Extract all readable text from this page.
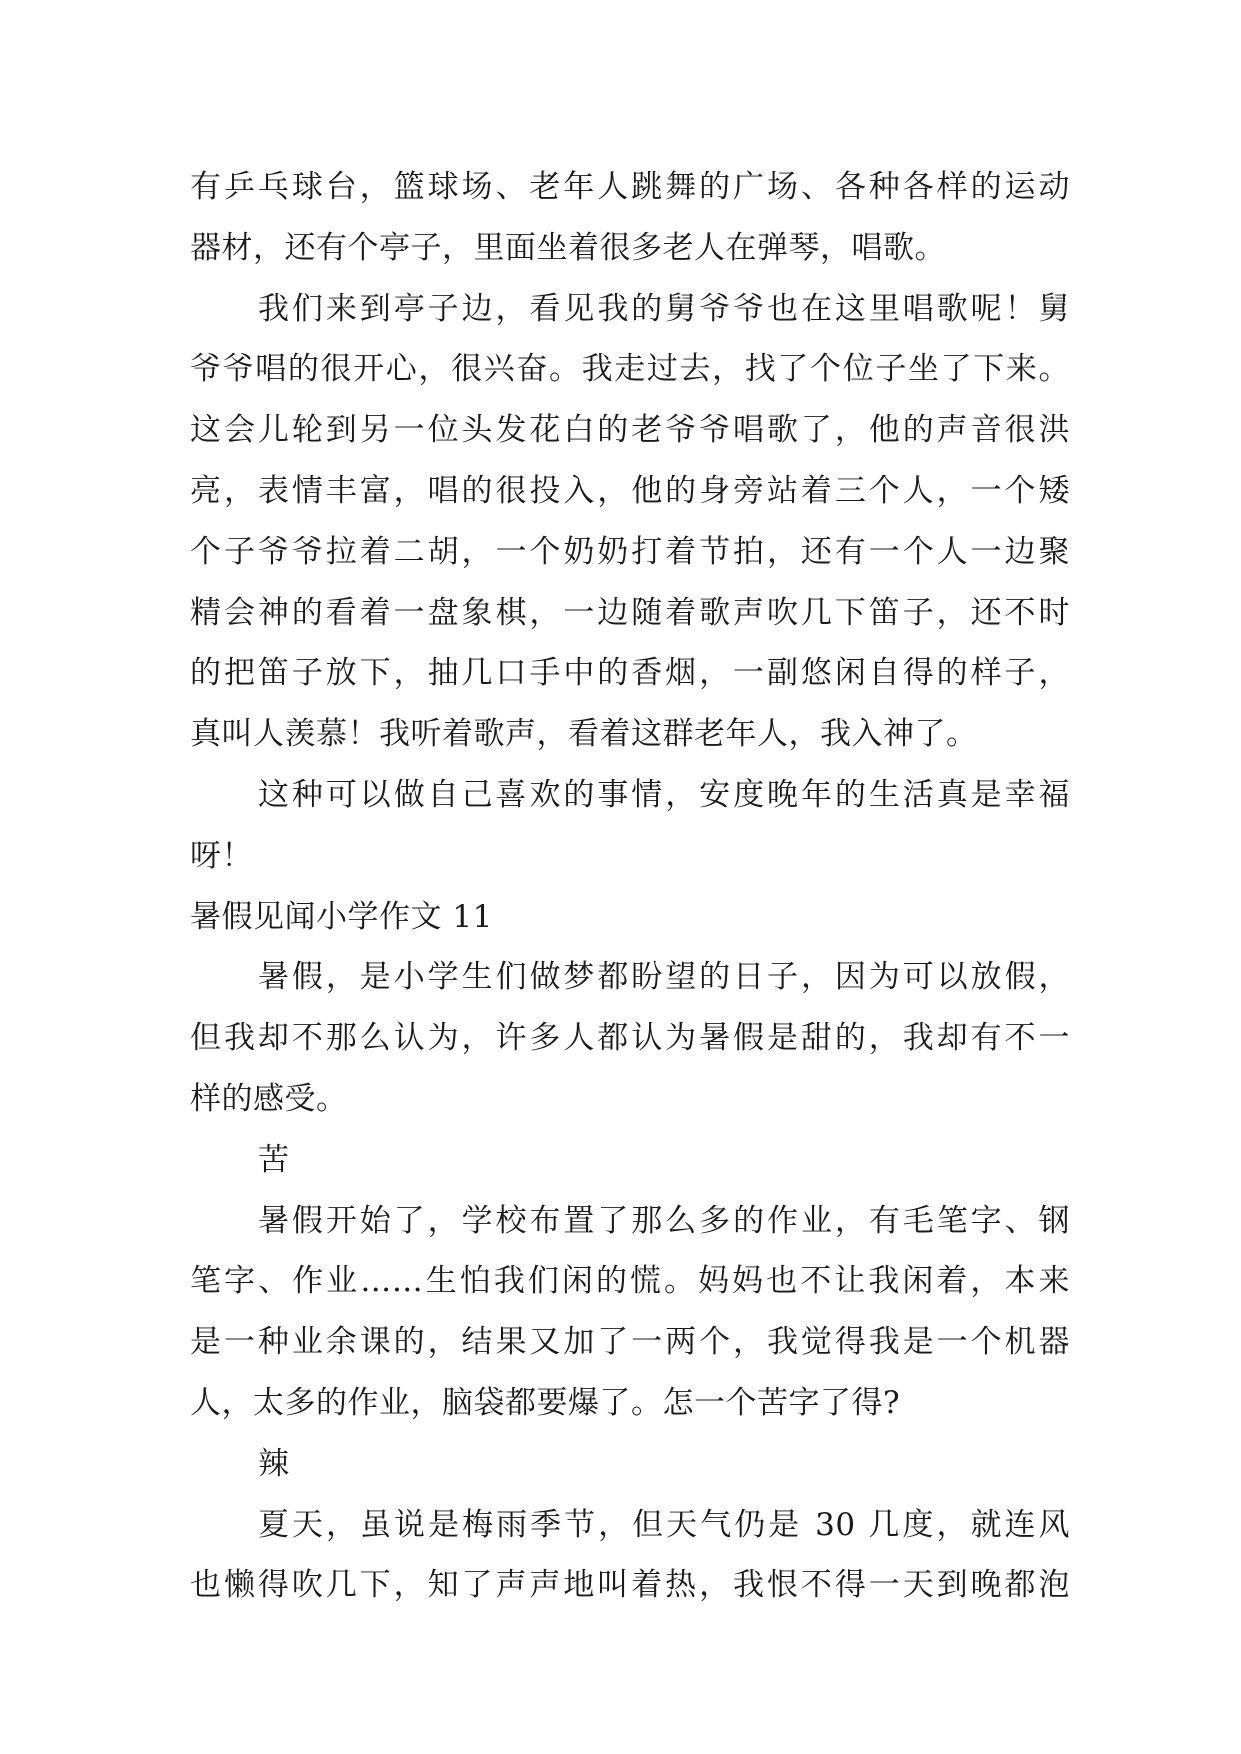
有乒乓球台，篮球场、老年人跳舞的广场、各种各样的运动
器材，还有个亭子，里面坐着很多老人在弹琴，唱歌。
我们来到亭子边，看见我的舅爷爷也在这里唱歌呢！舅
爷爷唱的很开心，很兴奋。我走过去，找了个位子坐了下来。
这会儿轮到另一位头发花白的老爷爷唱歌了，他的声音很洪
亮，表情丰富，唱的很投入，他的身旁站着三个人，一个矮
个子爷爷拉着二胡，一个奶奶打着节拍，还有一个人一边聚
精会神的看着一盘象棋，一边随着歌声吹几下笛子，还不时
的把笛子放下，抽几口手中的香烟，一副悠闲自得的样子，
真叫人羡慕！我听着歌声，看着这群老年人，我入神了。
这种可以做自己喜欢的事情，安度晚年的生活真是幸福
呀！
暑假见闻小学作文 11
暑假，是小学生们做梦都盼望的日子，因为可以放假，
但我却不那么认为，许多人都认为暑假是甜的，我却有不一
样的感受。
苦
暑假开始了，学校布置了那么多的作业，有毛笔字、钢
笔字、作业……生怕我们闲的慌。妈妈也不让我闲着，本来
是一种业余课的，结果又加了一两个，我觉得我是一个机器
人，太多的作业，脑袋都要爆了。怎一个苦字了得?
辣
夏天，虽说是梅雨季节，但天气仍是 30 几度，就连风
也懒得吹几下，知了声声地叫着热，我恨不得一天到晚都泡
